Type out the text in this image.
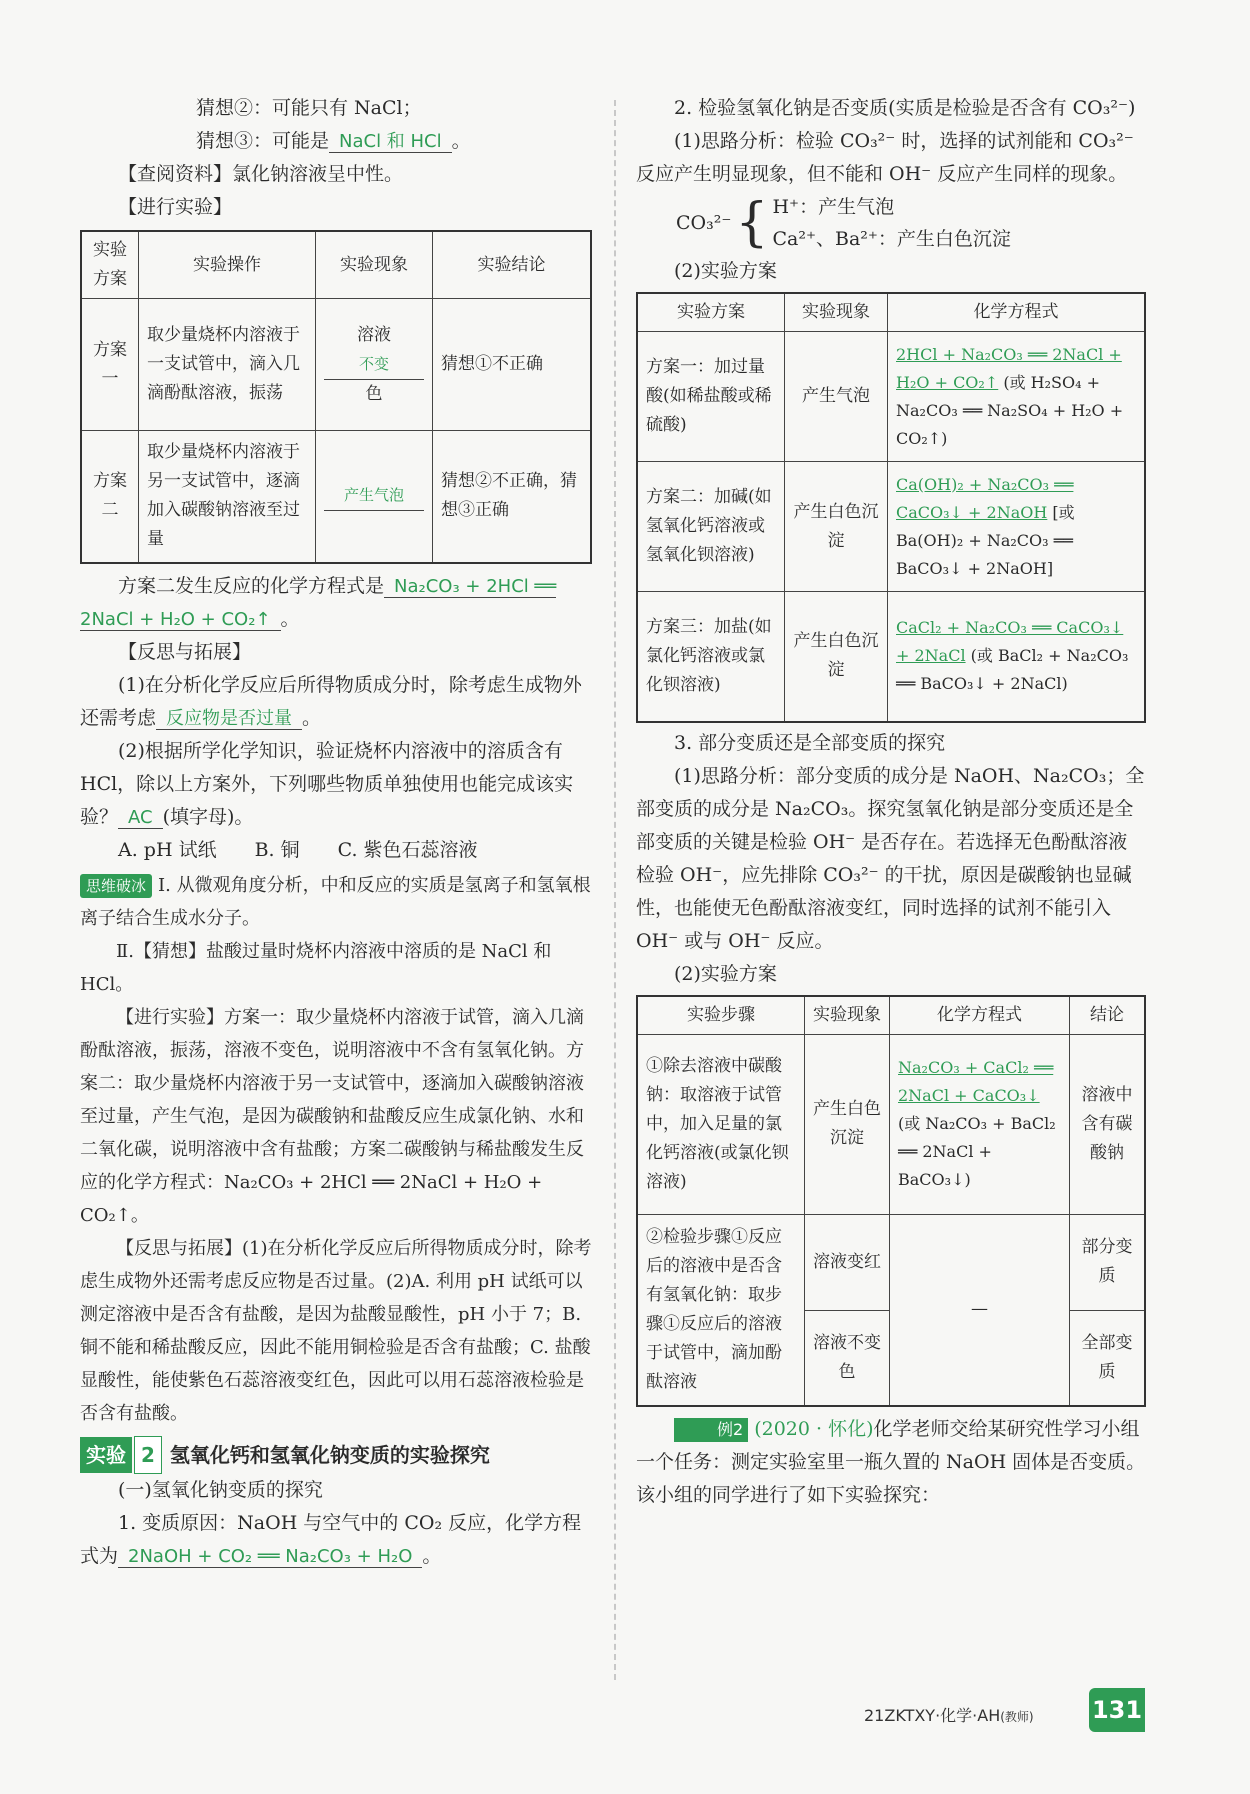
猜想②：可能只有 NaCl；

猜想③：可能是 NaCl 和 HCl 。

【查阅资料】氯化钠溶液呈中性。

【进行实验】

实验方案	实验操作	实验现象	实验结论
方案一	取少量烧杯内溶液于一支试管中，滴入几滴酚酞溶液，振荡	溶液
不变
色	猜想①不正确
方案二	取少量烧杯内溶液于另一支试管中，逐滴加入碳酸钠溶液至过量	产生气泡	猜想②不正确，猜想③正确

方案二发生反应的化学方程式是 Na₂CO₃ + 2HCl ══ 2NaCl + H₂O + CO₂↑ 。

【反思与拓展】

(1)在分析化学反应后所得物质成分时，除考虑生成物外还需考虑 反应物是否过量 。

(2)根据所学化学知识，验证烧杯内溶液中的溶质含有 HCl，除以上方案外，下列哪些物质单独使用也能完成该实验？ AC (填字母)。

A. pH 试纸　　B. 铜　　C. 紫色石蕊溶液

思维破冰 Ⅰ. 从微观角度分析，中和反应的实质是氢离子和氢氧根离子结合生成水分子。

Ⅱ.【猜想】盐酸过量时烧杯内溶液中溶质的是 NaCl 和 HCl。

【进行实验】方案一：取少量烧杯内溶液于试管，滴入几滴酚酞溶液，振荡，溶液不变色，说明溶液中不含有氢氧化钠。方案二：取少量烧杯内溶液于另一支试管中，逐滴加入碳酸钠溶液至过量，产生气泡，是因为碳酸钠和盐酸反应生成氯化钠、水和二氧化碳，说明溶液中含有盐酸；方案二碳酸钠与稀盐酸发生反应的化学方程式：Na₂CO₃ + 2HCl ══ 2NaCl + H₂O + CO₂↑。

【反思与拓展】(1)在分析化学反应后所得物质成分时，除考虑生成物外还需考虑反应物是否过量。(2)A. 利用 pH 试纸可以测定溶液中是否含有盐酸，是因为盐酸显酸性，pH 小于 7；B. 铜不能和稀盐酸反应，因此不能用铜检验是否含有盐酸；C. 盐酸显酸性，能使紫色石蕊溶液变红色，因此可以用石蕊溶液检验是否含有盐酸。

实验 2 氢氧化钙和氢氧化钠变质的实验探究

(一)氢氧化钠变质的探究

1. 变质原因：NaOH 与空气中的 CO₂ 反应，化学方程式为 2NaOH + CO₂ ══ Na₂CO₃ + H₂O 。

2. 检验氢氧化钠是否变质(实质是检验是否含有 CO₃²⁻)

(1)思路分析：检验 CO₃²⁻ 时，选择的试剂能和 CO₃²⁻ 反应产生明显现象，但不能和 OH⁻ 反应产生同样的现象。

CO₃²⁻ { H⁺：产生气泡
Ca²⁺、Ba²⁺：产生白色沉淀

(2)实验方案

实验方案	实验现象	化学方程式
方案一：加过量酸(如稀盐酸或稀硫酸)	产生气泡	2HCl + Na₂CO₃ ══ 2NaCl + H₂O + CO₂↑ (或 H₂SO₄ + Na₂CO₃ ══ Na₂SO₄ + H₂O + CO₂↑)
方案二：加碱(如氢氧化钙溶液或氢氧化钡溶液)	产生白色沉淀	Ca(OH)₂ + Na₂CO₃ ══ CaCO₃↓ + 2NaOH [或 Ba(OH)₂ + Na₂CO₃ ══ BaCO₃↓ + 2NaOH]
方案三：加盐(如氯化钙溶液或氯化钡溶液)	产生白色沉淀	CaCl₂ + Na₂CO₃ ══ CaCO₃↓ + 2NaCl (或 BaCl₂ + Na₂CO₃ ══ BaCO₃↓ + 2NaCl)

3. 部分变质还是全部变质的探究

(1)思路分析：部分变质的成分是 NaOH、Na₂CO₃；全部变质的成分是 Na₂CO₃。探究氢氧化钠是部分变质还是全部变质的关键是检验 OH⁻ 是否存在。若选择无色酚酞溶液检验 OH⁻，应先排除 CO₃²⁻ 的干扰，原因是碳酸钠也显碱性，也能使无色酚酞溶液变红，同时选择的试剂不能引入 OH⁻ 或与 OH⁻ 反应。

(2)实验方案

实验步骤	实验现象	化学方程式	结论
①除去溶液中碳酸钠：取溶液于试管中，加入足量的氯化钙溶液(或氯化钡溶液)	产生白色沉淀	Na₂CO₃ + CaCl₂ ══ 2NaCl + CaCO₃↓ (或 Na₂CO₃ + BaCl₂ ══ 2NaCl + BaCO₃↓)	溶液中含有碳酸钠
②检验步骤①反应后的溶液中是否含有氢氧化钠：取步骤①反应后的溶液于试管中，滴加酚酞溶液	溶液变红	—	部分变质
	溶液不变色		全部变质

例2 (2020 · 怀化)化学老师交给某研究性学习小组一个任务：测定实验室里一瓶久置的 NaOH 固体是否变质。该小组的同学进行了如下实验探究：

21ZKTXY·化学·AH(教师) 131
